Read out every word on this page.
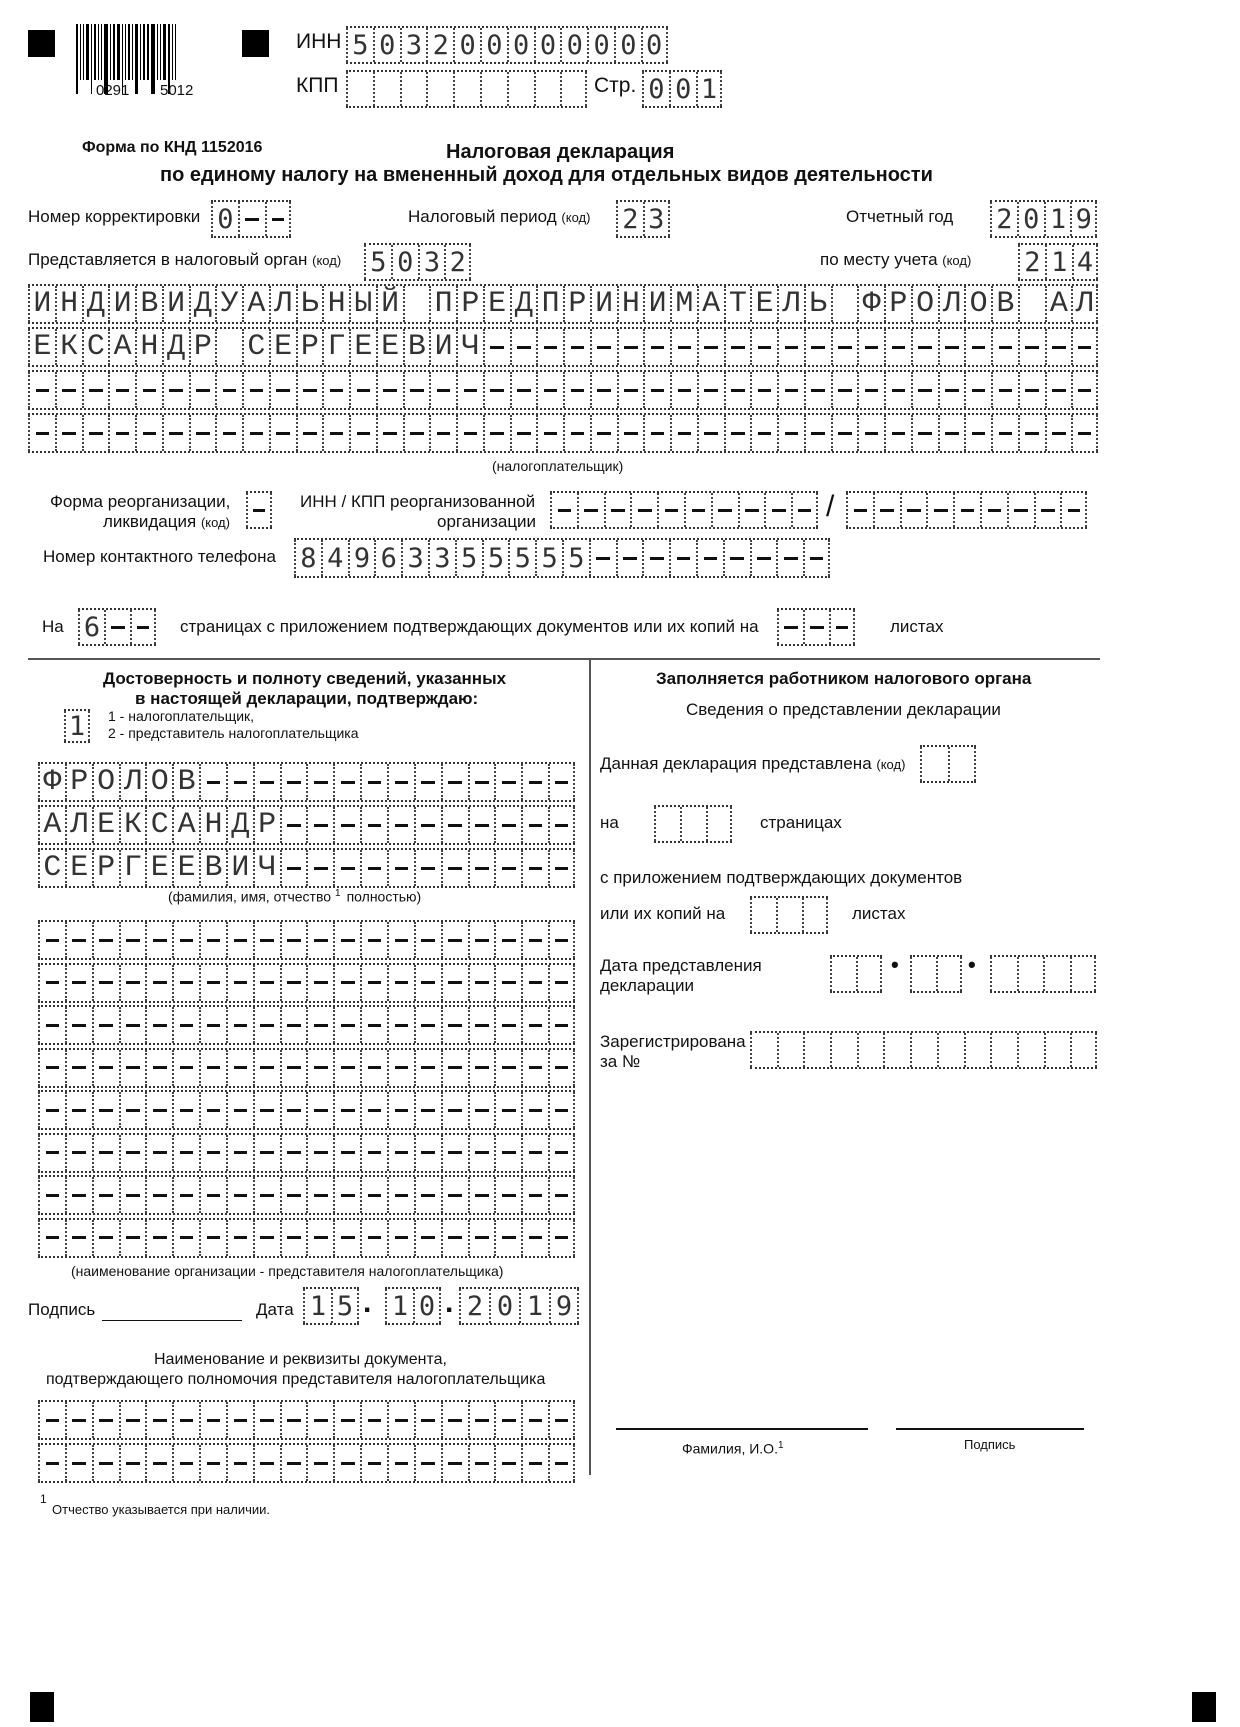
0291 5012
ИНН 5 0 3 2 0 0 0 0 0 0 0 0
КПП	Стр. 0 0 1
Форма по КНД 1152016	Налоговая декларация
по единому налогу на вмененный доход для отдельных видов деятельности
Номер корректировки 0	Налоговый период (код) 2 3	Отчетный год 2 0 1 9
Представляется в налоговый орган (код) 5 0 3 2	по месту учета (код) 2 1 4
И Н Д И В И Д У А Л Ь Н Ы Й П Р Е Д П Р И Н И М А Т Е Л Ь Ф Р О Л О В А Л
Е К С А Н Д Р С Е Р Г Е Е В И Ч
(налогоплательщик)
Форма реорганизации,
ликвидация (код)
ИНН / КПП реорганизованной
организации	/
Номер контактного телефона 8 4 9 6 3 3 5 5 5 5 5
На 6	страницах с приложением подтверждающих документов или их копий на	листах
Достоверность и полноту сведений, указанных
в настоящей декларации, подтверждаю:
1	1 - налогоплательщик,
2 - представитель налогоплательщика
Ф Р О Л О В
А Л Е К С А Н Д Р
С Е Р Г Е Е В И Ч
(фамилия, имя, отчество $^1$ полностью)
(наименование организации - представителя налогоплательщика)
Подпись	Дата 1 5 . 1 0 . 2 0 1 9
Наименование и реквизиты документа,
подтверждающего полномочия представителя налогоплательщика
Заполняется работником налогового органа
Сведения о представлении декларации
Данная декларация представлена (код)
на	страницах
с приложением подтверждающих документов
или их копий на	листах
Дата представления
декларации
•	•
Зарегистрирована
за №
Фамилия, И.О.$^1$	Подпись
1
Отчество указывается при наличии.
